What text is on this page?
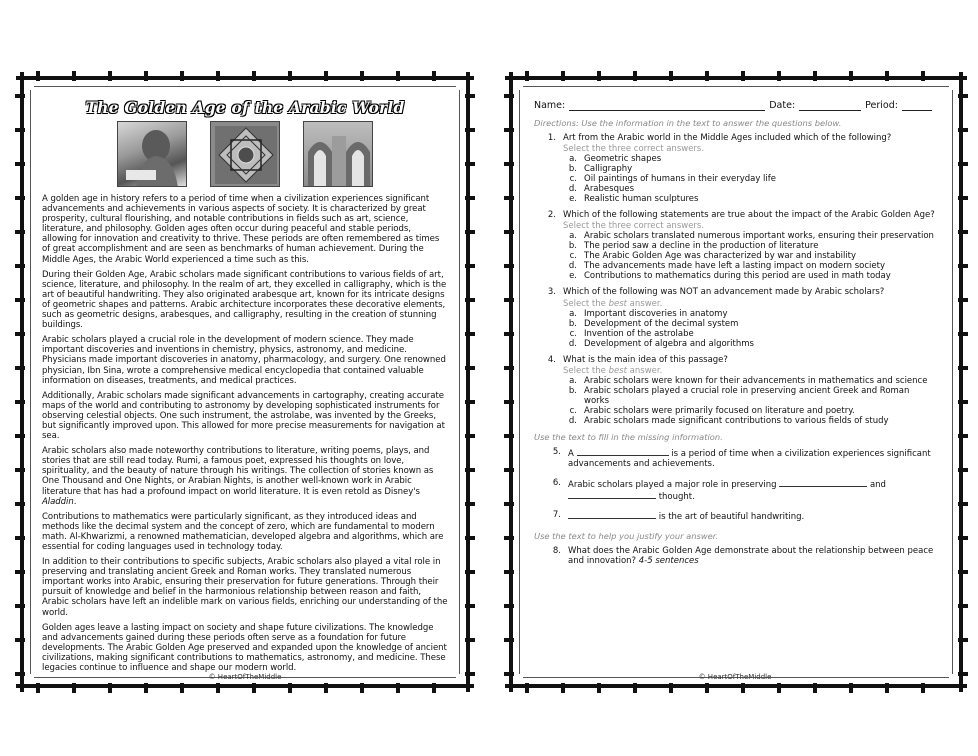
The Golden Age of the Arabic World

A golden age in history refers to a period of time when a civilization experiences significant advancements and achievements in various aspects of society. It is characterized by great prosperity, cultural flourishing, and notable contributions in fields such as art, science, literature, and philosophy. Golden ages often occur during peaceful and stable periods, allowing for innovation and creativity to thrive. These periods are often remembered as times of great accomplishment and are seen as benchmarks of human achievement. During the Middle Ages, the Arabic World experienced a time such as this.

During their Golden Age, Arabic scholars made significant contributions to various fields of art, science, literature, and philosophy. In the realm of art, they excelled in calligraphy, which is the art of beautiful handwriting. They also originated arabesque art, known for its intricate designs of geometric shapes and patterns. Arabic architecture incorporates these decorative elements, such as geometric designs, arabesques, and calligraphy, resulting in the creation of stunning buildings.

Arabic scholars played a crucial role in the development of modern science. They made important discoveries and inventions in chemistry, physics, astronomy, and medicine. Physicians made important discoveries in anatomy, pharmacology, and surgery. One renowned physician, Ibn Sina, wrote a comprehensive medical encyclopedia that contained valuable information on diseases, treatments, and medical practices.

Additionally, Arabic scholars made significant advancements in cartography, creating accurate maps of the world and contributing to astronomy by developing sophisticated instruments for observing celestial objects. One such instrument, the astrolabe, was invented by the Greeks, but significantly improved upon. This allowed for more precise measurements for navigation at sea.

Arabic scholars also made noteworthy contributions to literature, writing poems, plays, and stories that are still read today. Rumi, a famous poet, expressed his thoughts on love, spirituality, and the beauty of nature through his writings. The collection of stories known as One Thousand and One Nights, or Arabian Nights, is another well-known work in Arabic literature that has had a profound impact on world literature. It is even retold as Disney's Aladdin.

Contributions to mathematics were particularly significant, as they introduced ideas and methods like the decimal system and the concept of zero, which are fundamental to modern math. Al-Khwarizmi, a renowned mathematician, developed algebra and algorithms, which are essential for coding languages used in technology today.

In addition to their contributions to specific subjects, Arabic scholars also played a vital role in preserving and translating ancient Greek and Roman works. They translated numerous important works into Arabic, ensuring their preservation for future generations. Through their pursuit of knowledge and belief in the harmonious relationship between reason and faith, Arabic scholars have left an indelible mark on various fields, enriching our understanding of the world.

Golden ages leave a lasting impact on society and shape future civilizations. The knowledge and advancements gained during these periods often serve as a foundation for future developments. The Arabic Golden Age preserved and expanded upon the knowledge of ancient civilizations, making significant contributions to mathematics, astronomy, and medicine. These legacies continue to influence and shape our modern world.

© HeartOfTheMiddle
Name:	Date:	Period:

Directions: Use the information in the text to answer the questions below.

1. Art from the Arabic world in the Middle Ages included which of the following?
Select the three correct answers.
a. Geometric shapes
b. Calligraphy
c. Oil paintings of humans in their everyday life
d. Arabesques
e. Realistic human sculptures
2. Which of the following statements are true about the impact of the Arabic Golden Age?
Select the three correct answers.
a. Arabic scholars translated numerous important works, ensuring their preservation
b. The period saw a decline in the production of literature
c. The Arabic Golden Age was characterized by war and instability
d. The advancements made have left a lasting impact on modern society
e. Contributions to mathematics during this period are used in math today
3. Which of the following was NOT an advancement made by Arabic scholars?
Select the best answer.
a. Important discoveries in anatomy
b. Development of the decimal system
c. Invention of the astrolabe
d. Development of algebra and algorithms
4. What is the main idea of this passage?
Select the best answer.
a. Arabic scholars were known for their advancements in mathematics and science
b. Arabic scholars played a crucial role in preserving ancient Greek and Roman works
c. Arabic scholars were primarily focused on literature and poetry.
d. Arabic scholars made significant contributions to various fields of study

Use the text to fill in the missing information.

5. A	is a period of time when a civilization experiences significant advancements and achievements.
6. Arabic scholars played a major role in preserving	and
thought.
7.	is the art of beautiful handwriting.

Use the text to help you justify your answer.

8. What does the Arabic Golden Age demonstrate about the relationship between peace and innovation? 4-5 sentences
© HeartOfTheMiddle
